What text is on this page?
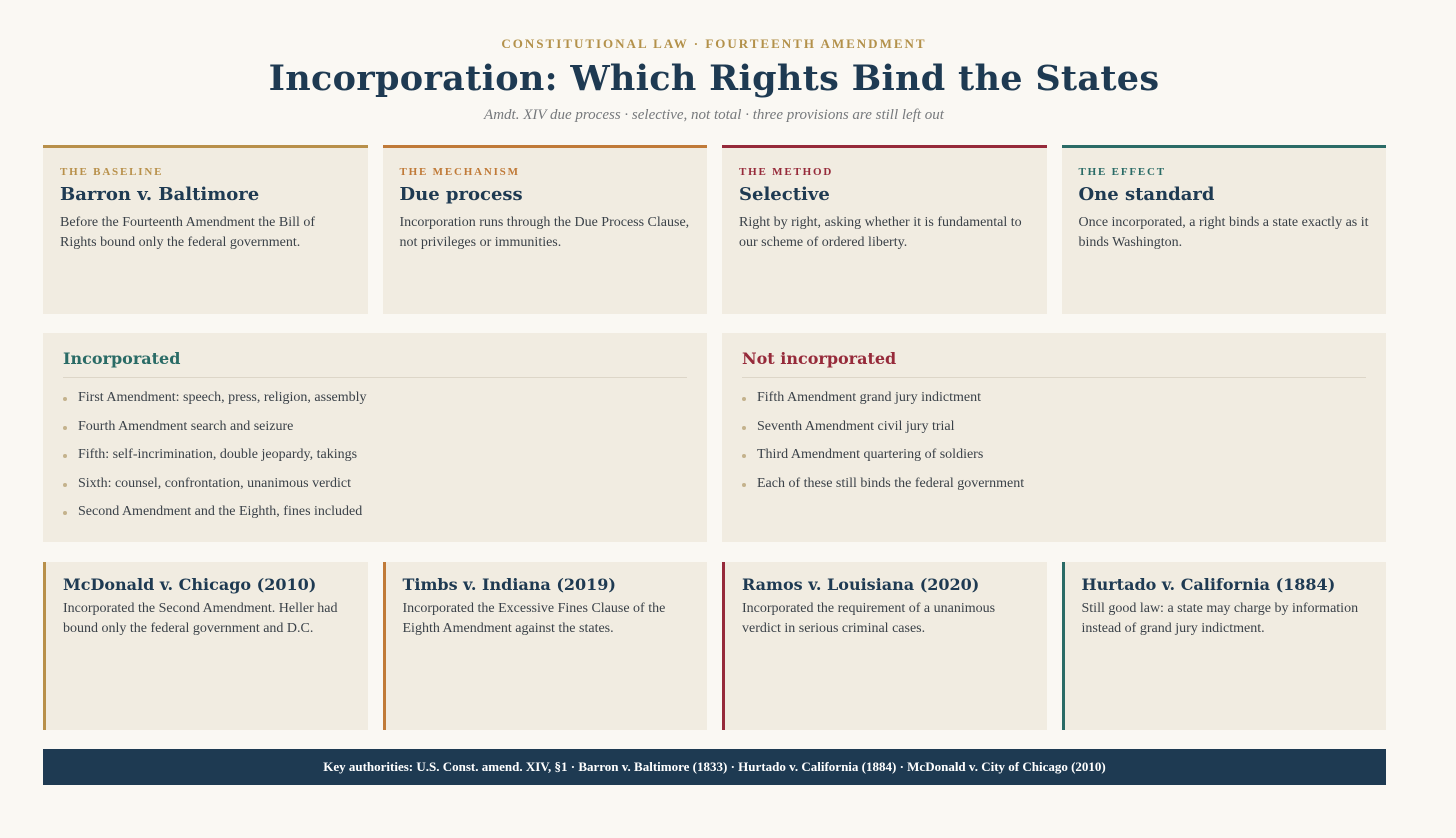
CONSTITUTIONAL LAW · FOURTEENTH AMENDMENT
Incorporation: Which Rights Bind the States
Amdt. XIV due process · selective, not total · three provisions are still left out
THE BASELINE
Barron v. Baltimore
Before the Fourteenth Amendment the Bill of Rights bound only the federal government.
THE MECHANISM
Due process
Incorporation runs through the Due Process Clause, not privileges or immunities.
THE METHOD
Selective
Right by right, asking whether it is fundamental to our scheme of ordered liberty.
THE EFFECT
One standard
Once incorporated, a right binds a state exactly as it binds Washington.
Incorporated
First Amendment: speech, press, religion, assembly
Fourth Amendment search and seizure
Fifth: self-incrimination, double jeopardy, takings
Sixth: counsel, confrontation, unanimous verdict
Second Amendment and the Eighth, fines included
Not incorporated
Fifth Amendment grand jury indictment
Seventh Amendment civil jury trial
Third Amendment quartering of soldiers
Each of these still binds the federal government
McDonald v. Chicago (2010)
Incorporated the Second Amendment. Heller had bound only the federal government and D.C.
Timbs v. Indiana (2019)
Incorporated the Excessive Fines Clause of the Eighth Amendment against the states.
Ramos v. Louisiana (2020)
Incorporated the requirement of a unanimous verdict in serious criminal cases.
Hurtado v. California (1884)
Still good law: a state may charge by information instead of grand jury indictment.
Key authorities: U.S. Const. amend. XIV, §1 · Barron v. Baltimore (1833) · Hurtado v. California (1884) · McDonald v. City of Chicago (2010)
